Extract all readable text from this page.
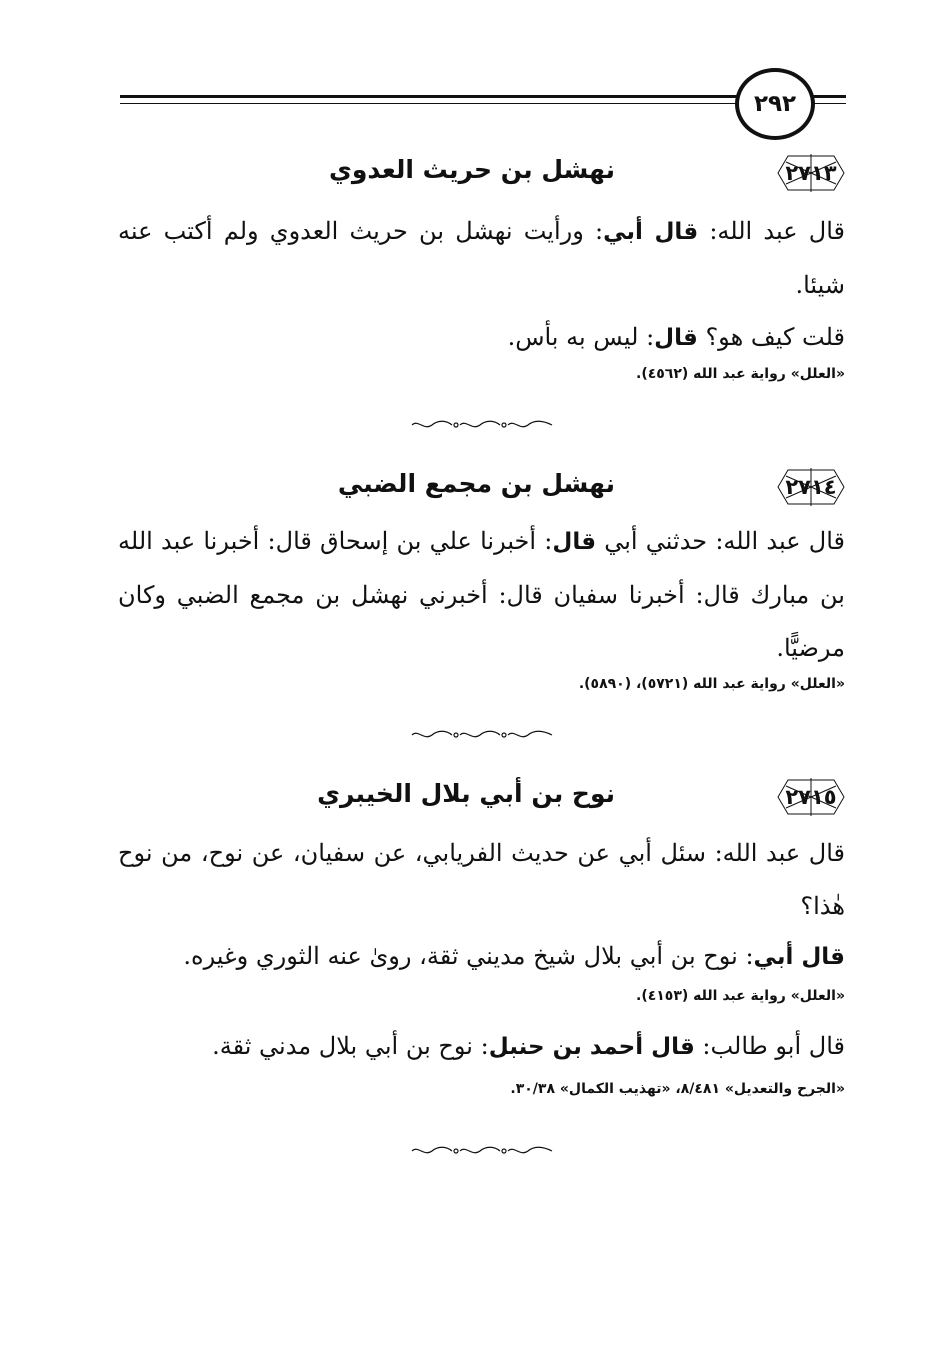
٢٩٢
٢٧١٣
نهشل بن حريث العدوي
قال عبد الله: قال أبي: ورأيت نهشل بن حريث العدوي ولم أكتب عنه شيئا.
قلت كيف هو؟ قال: ليس به بأس.
«العلل» رواية عبد الله (٤٥٦٢).
٢٧١٤
نهشل بن مجمع الضبي
قال عبد الله: حدثني أبي قال: أخبرنا علي بن إسحاق قال: أخبرنا عبد الله بن مبارك قال: أخبرنا سفيان قال: أخبرني نهشل بن مجمع الضبي وكان مرضيًّا.
«العلل» رواية عبد الله (٥٧٢١)، (٥٨٩٠).
٢٧١٥
نوح بن أبي بلال الخيبري
قال عبد الله: سئل أبي عن حديث الفريابي، عن سفيان، عن نوح، من نوح هٰذا؟
قال أبي: نوح بن أبي بلال شيخ مديني ثقة، روىٰ عنه الثوري وغيره.
«العلل» رواية عبد الله (٤١٥٣).
قال أبو طالب: قال أحمد بن حنبل: نوح بن أبي بلال مدني ثقة.
«الجرح والتعديل» ٨/٤٨١، «تهذيب الكمال» ٣٠/٣٨.
